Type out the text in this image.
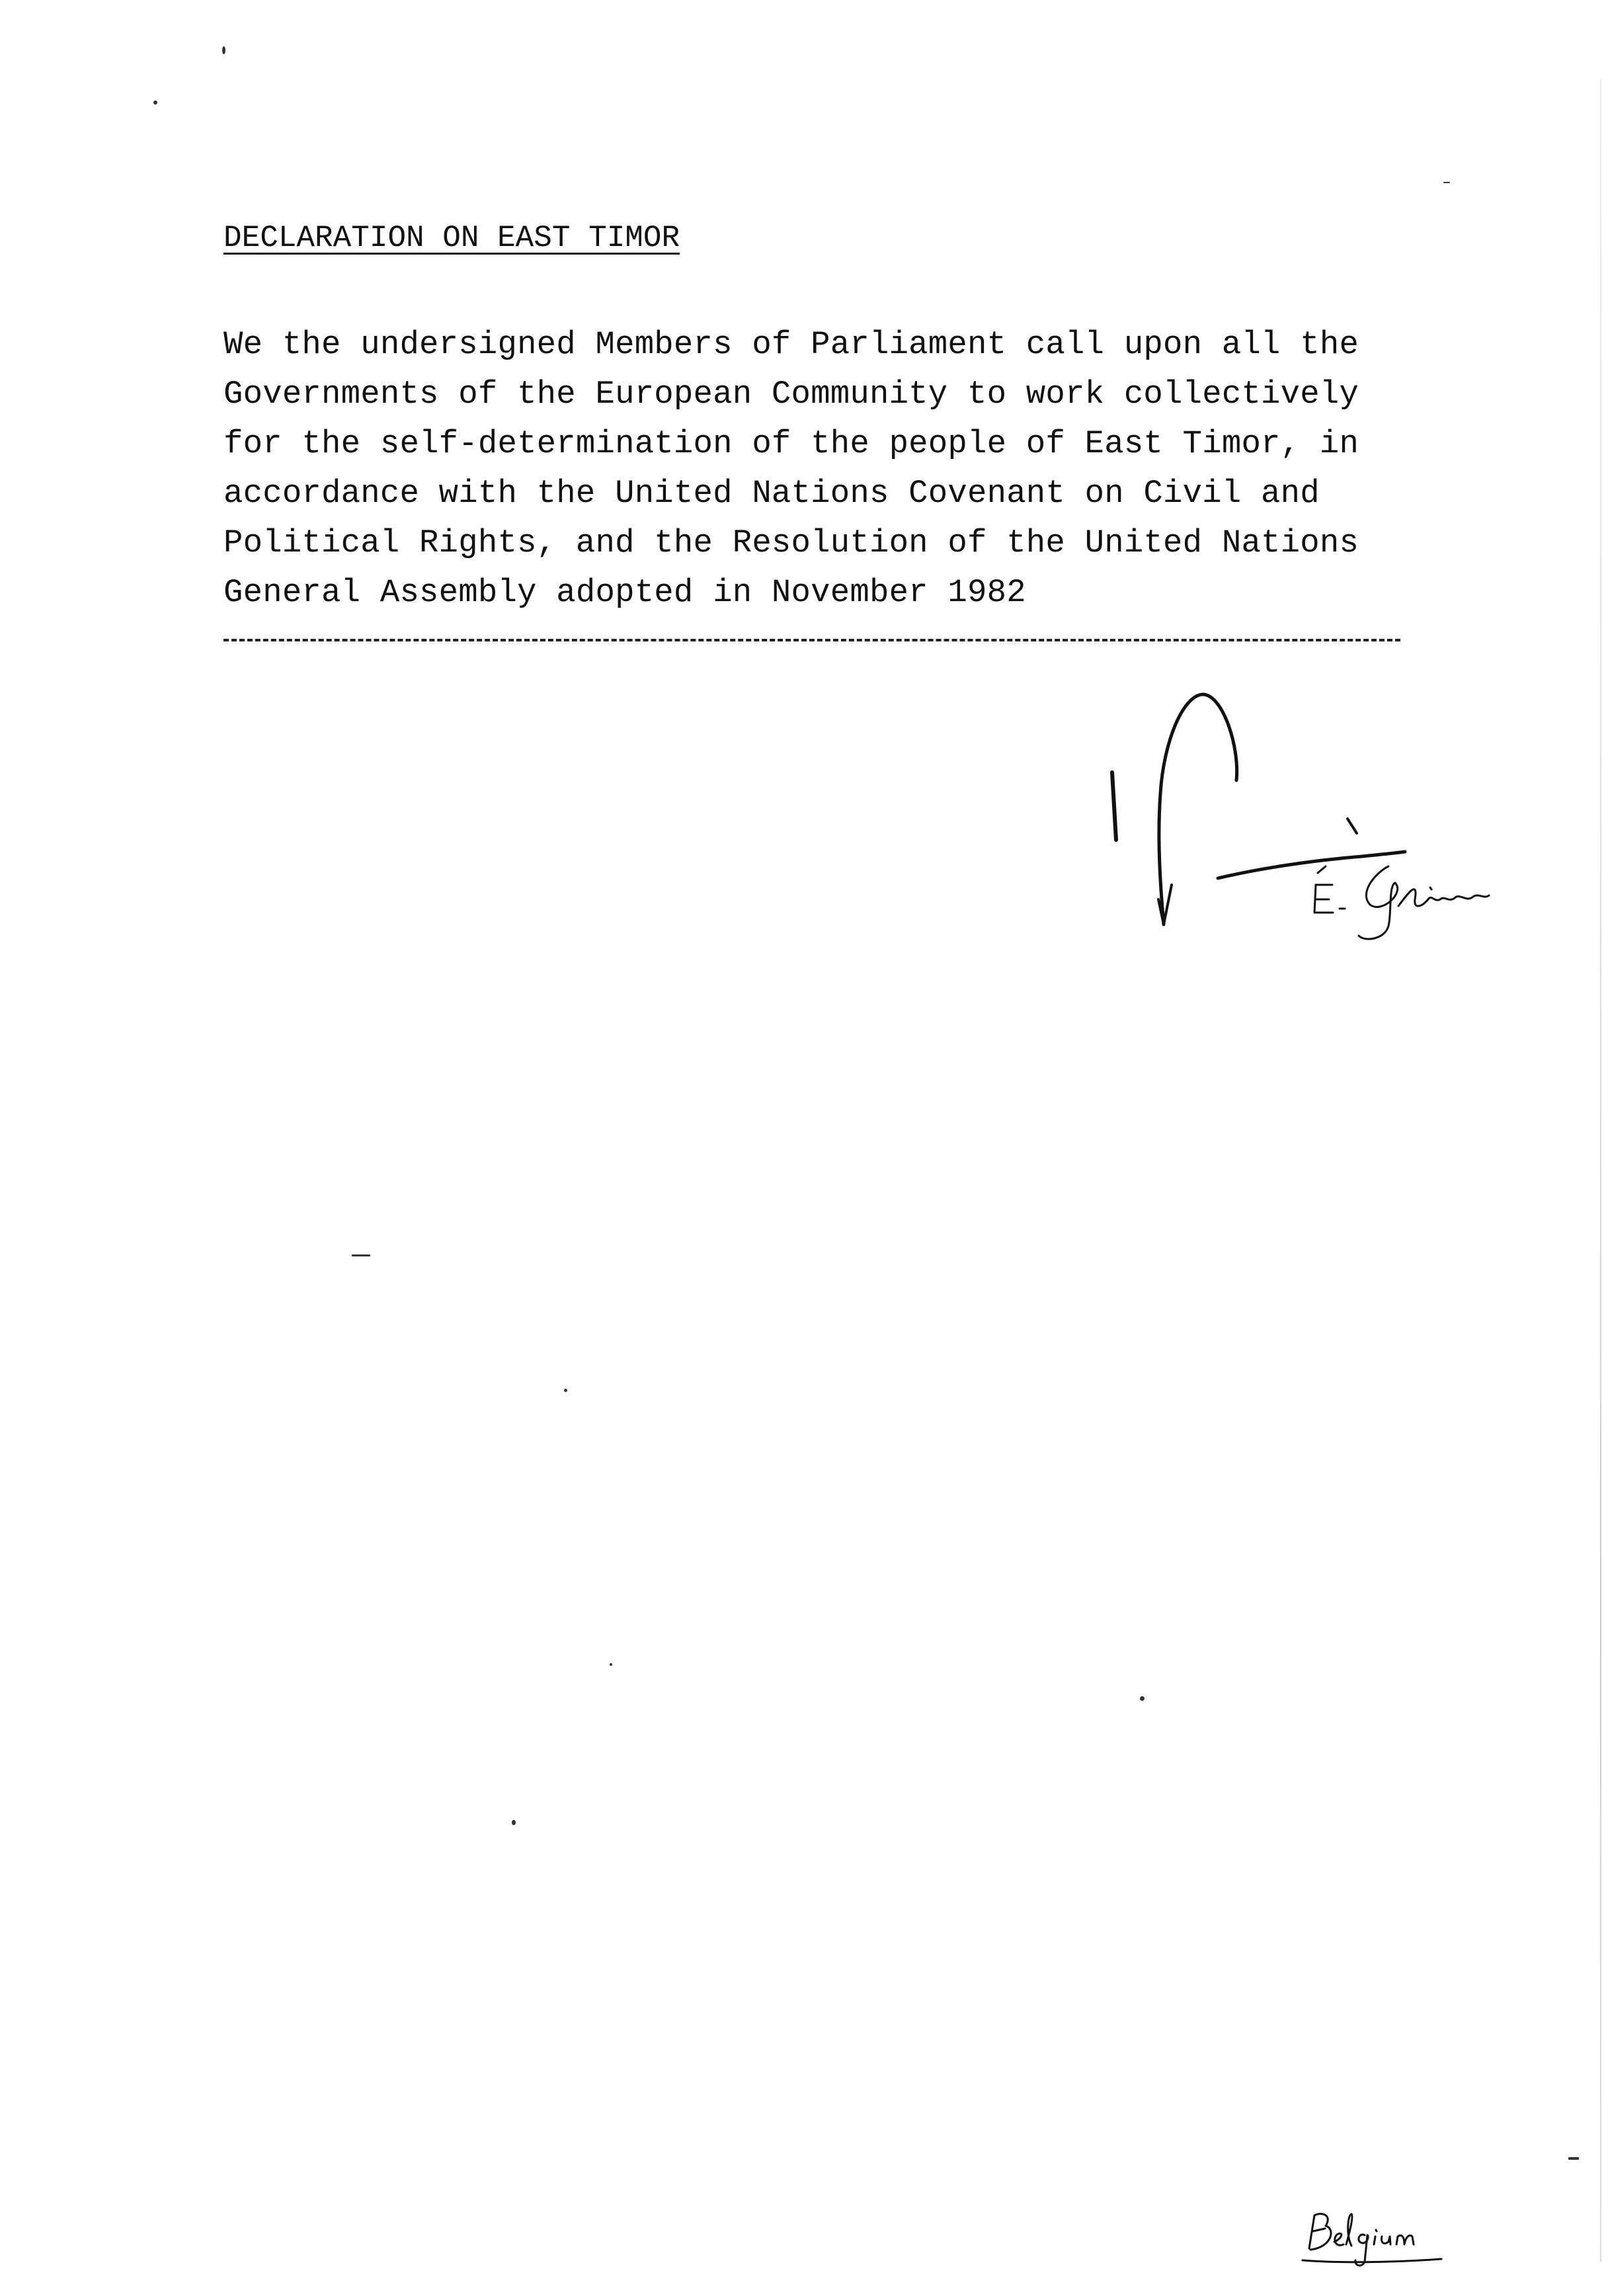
DECLARATION ON EAST TIMOR
We the undersigned Members of Parliament call upon all the
Governments of the European Community to work collectively
for the self-determination of the people of East Timor, in
accordance with the United Nations Covenant on Civil and
Political Rights, and the Resolution of the United Nations
General Assembly adopted in November 1982
